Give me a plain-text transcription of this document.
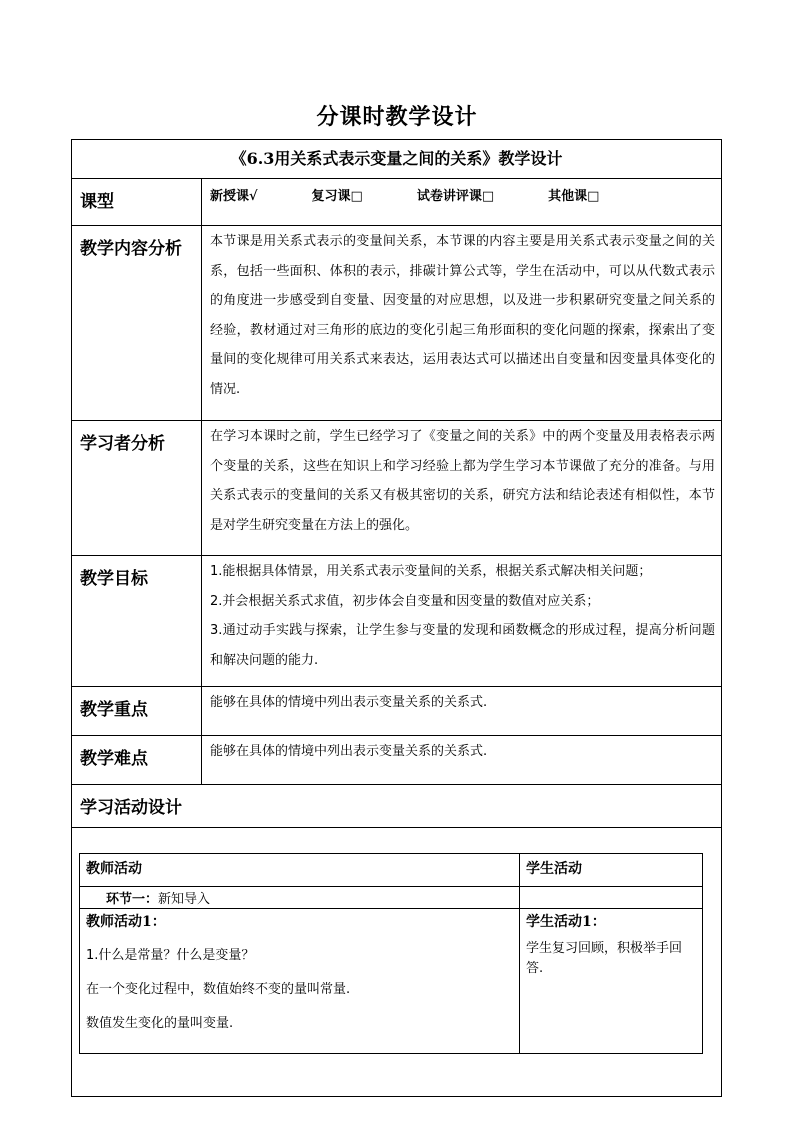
分课时教学设计
《6.3用关系式表示变量之间的关系》教学设计
课型	新授课√	复习课□	试卷讲评课□	其他课□

教学内容分析	本节课是用关系式表示的变量间关系，本节课的内容主要是用关系式表示变量之间的关系，包括一些面积、体积的表示，排碳计算公式等，学生在活动中，可以从代数式表示的角度进一步感受到自变量、因变量的对应思想，以及进一步积累研究变量之间关系的经验，教材通过对三角形的底边的变化引起三角形面积的变化问题的探索，探索出了变量间的变化规律可用关系式来表达，运用表达式可以描述出自变量和因变量具体变化的情况.
学习者分析	在学习本课时之前，学生已经学习了《变量之间的关系》中的两个变量及用表格表示两个变量的关系，这些在知识上和学习经验上都为学生学习本节课做了充分的准备。与用关系式表示的变量间的关系又有极其密切的关系，研究方法和结论表述有相似性，本节是对学生研究变量在方法上的强化。
教学目标	1.能根据具体情景，用关系式表示变量间的关系，根据关系式解决相关问题；
2.并会根据关系式求值，初步体会自变量和因变量的数值对应关系；
3.通过动手实践与探索，让学生参与变量的发现和函数概念的形成过程，提高分析问题和解决问题的能力.

教学重点	能够在具体的情境中列出表示变量关系的关系式.
教学难点	能够在具体的情境中列出表示变量关系的关系式.

学习活动设计

教师活动	学生活动
环节一：新知导入	

教师活动1：
1.什么是常量？什么是变量？
在一个变化过程中，数值始终不变的量叫常量.
数值发生变化的量叫变量.

学生活动1：
学生复习回顾，积极举手回答.
